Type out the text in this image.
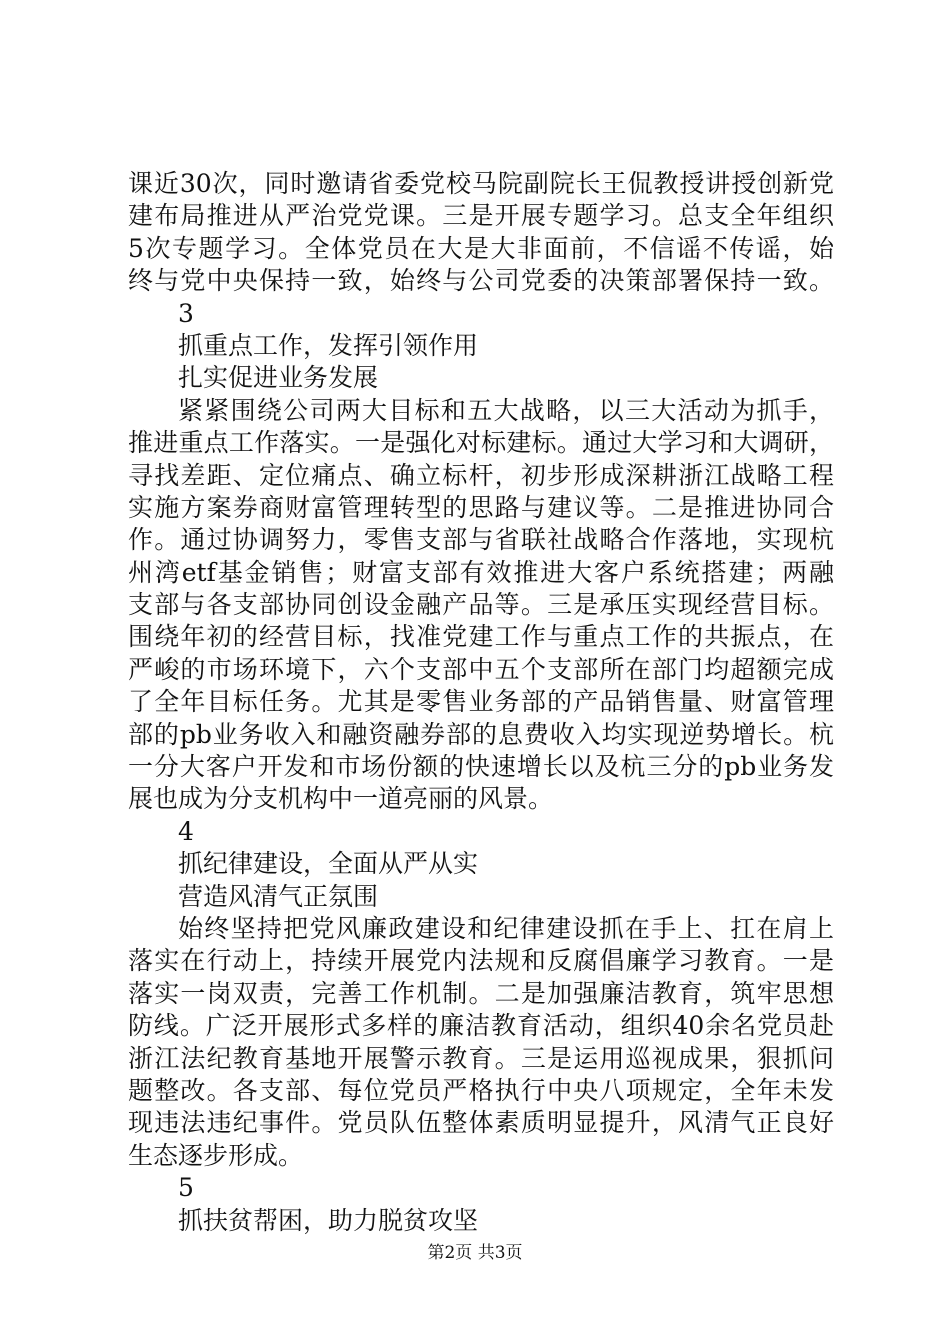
课近30次，同时邀请省委党校马院副院长王侃教授讲授创新党
建布局推进从严治党党课。三是开展专题学习。总支全年组织
5次专题学习。全体党员在大是大非面前，不信谣不传谣，始
终与党中央保持一致，始终与公司党委的决策部署保持一致。
3
抓重点工作，发挥引领作用
扎实促进业务发展
紧紧围绕公司两大目标和五大战略，以三大活动为抓手，
推进重点工作落实。一是强化对标建标。通过大学习和大调研，
寻找差距、定位痛点、确立标杆，初步形成深耕浙江战略工程
实施方案券商财富管理转型的思路与建议等。二是推进协同合
作。通过协调努力，零售支部与省联社战略合作落地，实现杭
州湾etf基金销售；财富支部有效推进大客户系统搭建；两融
支部与各支部协同创设金融产品等。三是承压实现经营目标。
围绕年初的经营目标，找准党建工作与重点工作的共振点，在
严峻的市场环境下，六个支部中五个支部所在部门均超额完成
了全年目标任务。尤其是零售业务部的产品销售量、财富管理
部的pb业务收入和融资融券部的息费收入均实现逆势增长。杭
一分大客户开发和市场份额的快速增长以及杭三分的pb业务发
展也成为分支机构中一道亮丽的风景。
4
抓纪律建设，全面从严从实
营造风清气正氛围
始终坚持把党风廉政建设和纪律建设抓在手上、扛在肩上
落实在行动上，持续开展党内法规和反腐倡廉学习教育。一是
落实一岗双责，完善工作机制。二是加强廉洁教育，筑牢思想
防线。广泛开展形式多样的廉洁教育活动，组织40余名党员赴
浙江法纪教育基地开展警示教育。三是运用巡视成果，狠抓问
题整改。各支部、每位党员严格执行中央八项规定，全年未发
现违法违纪事件。党员队伍整体素质明显提升，风清气正良好
生态逐步形成。
5
抓扶贫帮困，助力脱贫攻坚
第2页 共3页
